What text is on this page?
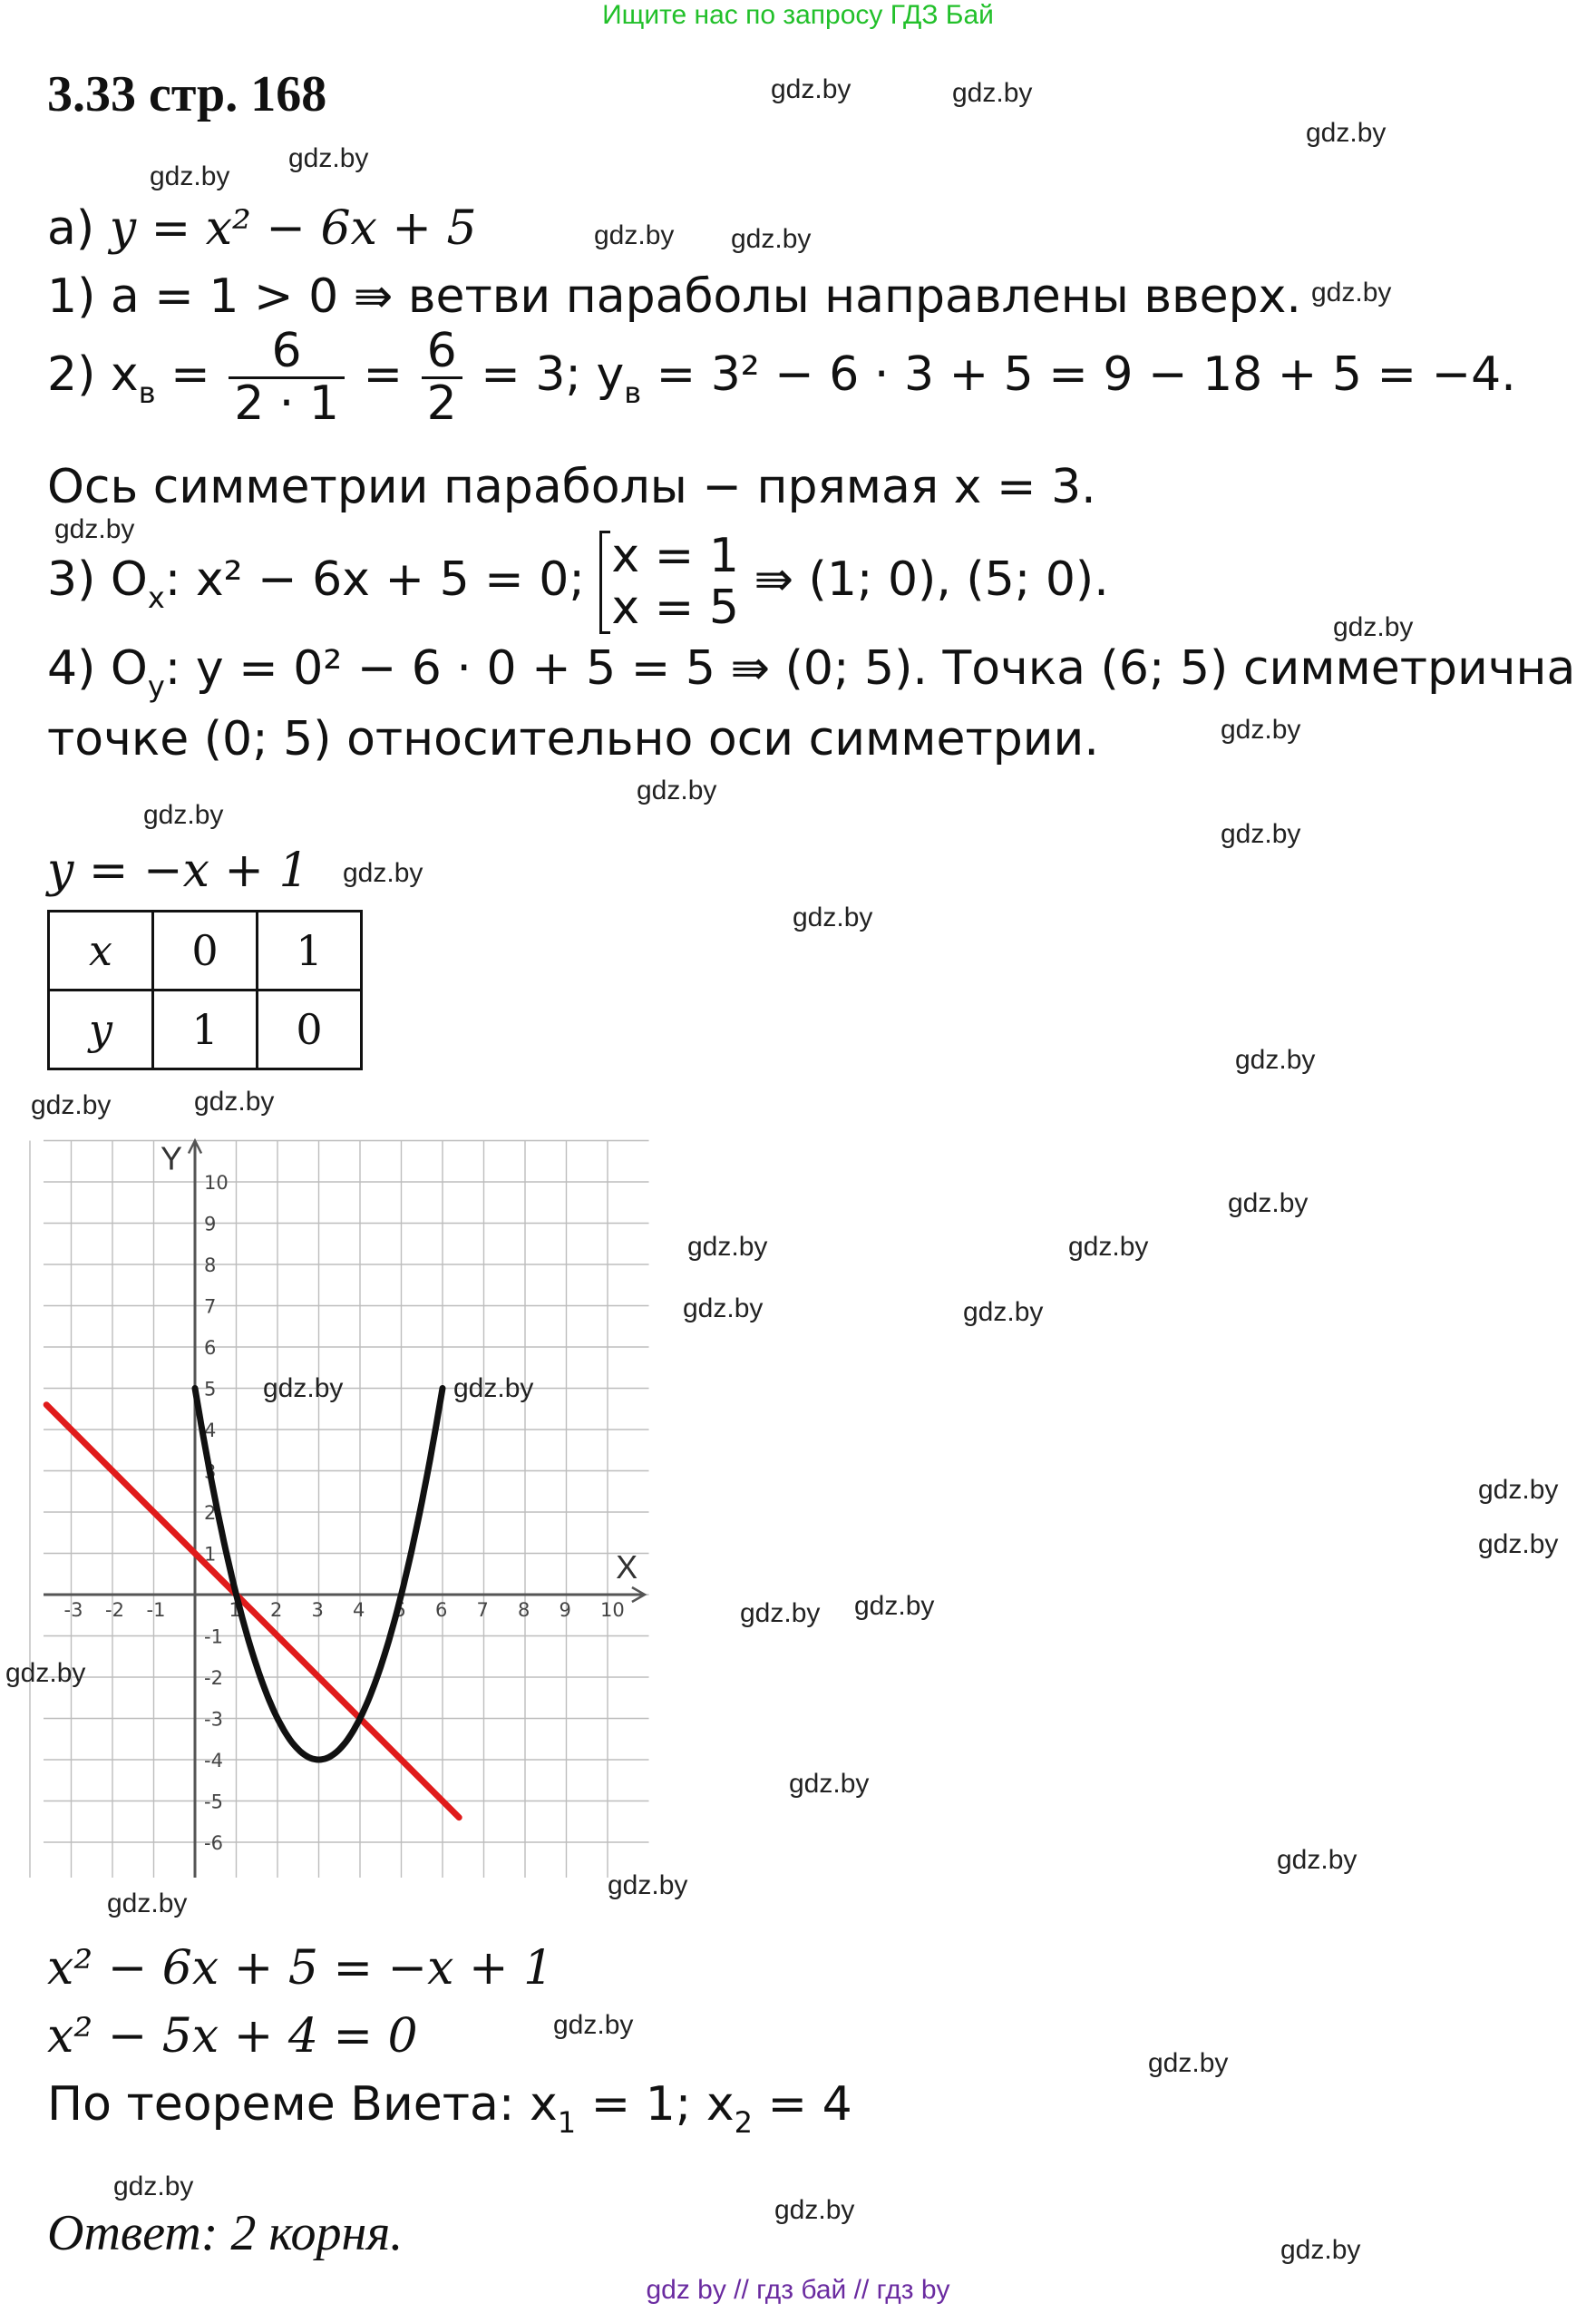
Ищите нас по запросу ГДЗ Бай
3.33 стр. 168
а) y = x² − 6x + 5
1) a = 1 > 0 ⇛ ветви параболы направлены вверх.
2) $x_в = \frac{6}{2 \cdot 1} = \frac{6}{2} = 3$; $y_в = 3^2 - 6 \cdot 3 + 5 = 9 - 18 + 5 = -4$.
Ось симметрии параболы − прямая x = 3.
3) $O_x$: x² − 6x + 5 = 0; x = 1
x = 5
⇛ (1; 0), (5; 0).
4) $O_y$: y = 0² − 6 · 0 + 5 = 5 ⇛ (0; 5). Точка (6; 5) симметрична
точке (0; 5) относительно оси симметрии.
y = −x + 1
x	0	1
y	1	0
X
Y
-3 -2 -1	1 2 3 4 5 6 7 8 9 10
10
9
8
7
6
5
4
3
2
1
-1
-2
-3
-4
-5
-6
x² − 6x + 5 = −x + 1
x² − 5x + 4 = 0
По теореме Виета: $x_1 = 1$; $x_2 = 4$
Ответ: 2 корня.
gdz.by	gdz.by
gdz.by
gdz.by
gdz.by
gdz.by gdz.by
gdz.by
gdz.by
gdz.by
gdz.by
gdz.by
gdz.by
gdz.by
gdz.by
gdz.by
gdz.by
gdz.by	gdz.by
gdz.by
gdz.by	gdz.by
gdz.by	gdz.by
gdz.by	gdz.by
gdz.by
gdz.by
gdz.by gdz.by
gdz.by
gdz.by
gdz.by
gdz.by
gdz.by
gdz.by
gdz.by
gdz.by
gdz.by
gdz.by
gdz by // гдз бай // гдз by
